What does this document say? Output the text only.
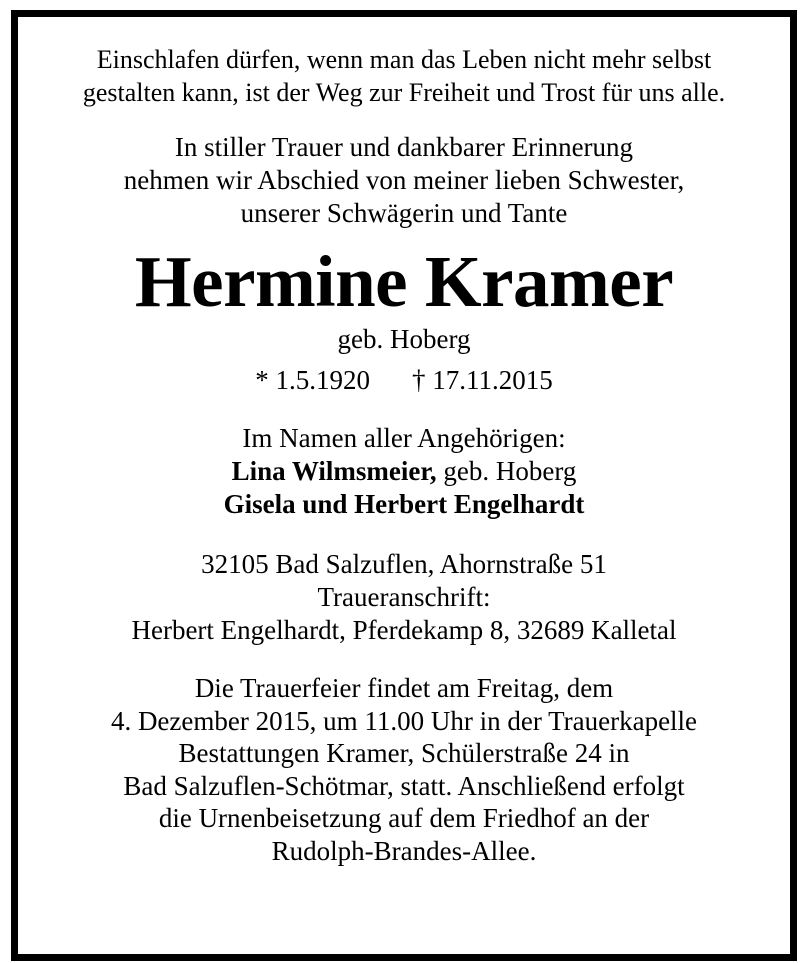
Einschlafen dürfen, wenn man das Leben nicht mehr selbst
gestalten kann, ist der Weg zur Freiheit und Trost für uns alle.
In stiller Trauer und dankbarer Erinnerung
nehmen wir Abschied von meiner lieben Schwester,
unserer Schwägerin und Tante
Hermine Kramer
geb. Hoberg
* 1.5.1920 † 17.11.2015
Im Namen aller Angehörigen:
Lina Wilmsmeier, geb. Hoberg
Gisela und Herbert Engelhardt
32105 Bad Salzuflen, Ahornstraße 51
Traueranschrift:
Herbert Engelhardt, Pferdekamp 8, 32689 Kalletal
Die Trauerfeier findet am Freitag, dem
4. Dezember 2015, um 11.00 Uhr in der Trauerkapelle
Bestattungen Kramer, Schülerstraße 24 in
Bad Salzuflen-Schötmar, statt. Anschließend erfolgt
die Urnenbeisetzung auf dem Friedhof an der
Rudolph-Brandes-Allee.
